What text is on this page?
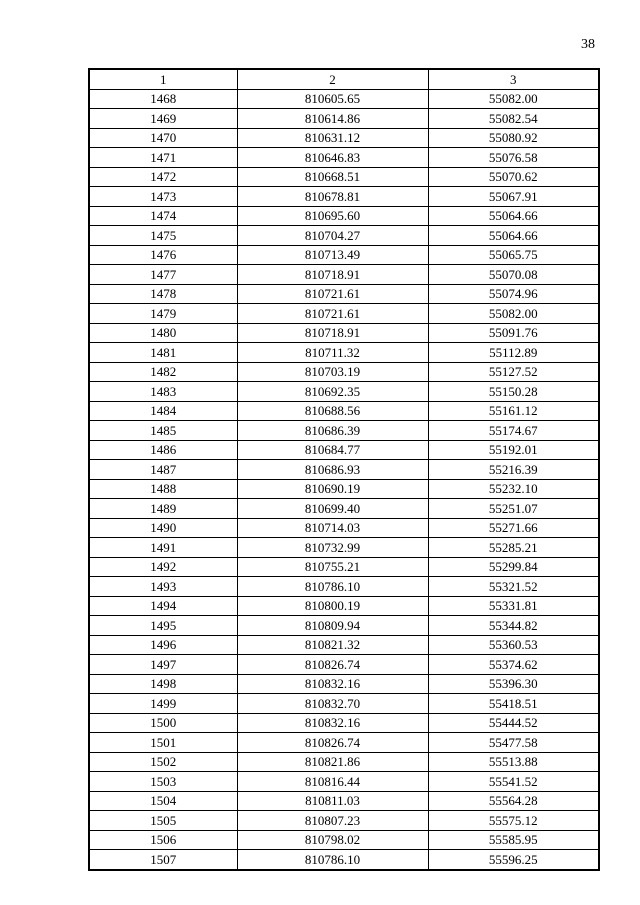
38
1	2	3
1468	810605.65	55082.00
1469	810614.86	55082.54
1470	810631.12	55080.92
1471	810646.83	55076.58
1472	810668.51	55070.62
1473	810678.81	55067.91
1474	810695.60	55064.66
1475	810704.27	55064.66
1476	810713.49	55065.75
1477	810718.91	55070.08
1478	810721.61	55074.96
1479	810721.61	55082.00
1480	810718.91	55091.76
1481	810711.32	55112.89
1482	810703.19	55127.52
1483	810692.35	55150.28
1484	810688.56	55161.12
1485	810686.39	55174.67
1486	810684.77	55192.01
1487	810686.93	55216.39
1488	810690.19	55232.10
1489	810699.40	55251.07
1490	810714.03	55271.66
1491	810732.99	55285.21
1492	810755.21	55299.84
1493	810786.10	55321.52
1494	810800.19	55331.81
1495	810809.94	55344.82
1496	810821.32	55360.53
1497	810826.74	55374.62
1498	810832.16	55396.30
1499	810832.70	55418.51
1500	810832.16	55444.52
1501	810826.74	55477.58
1502	810821.86	55513.88
1503	810816.44	55541.52
1504	810811.03	55564.28
1505	810807.23	55575.12
1506	810798.02	55585.95
1507	810786.10	55596.25
